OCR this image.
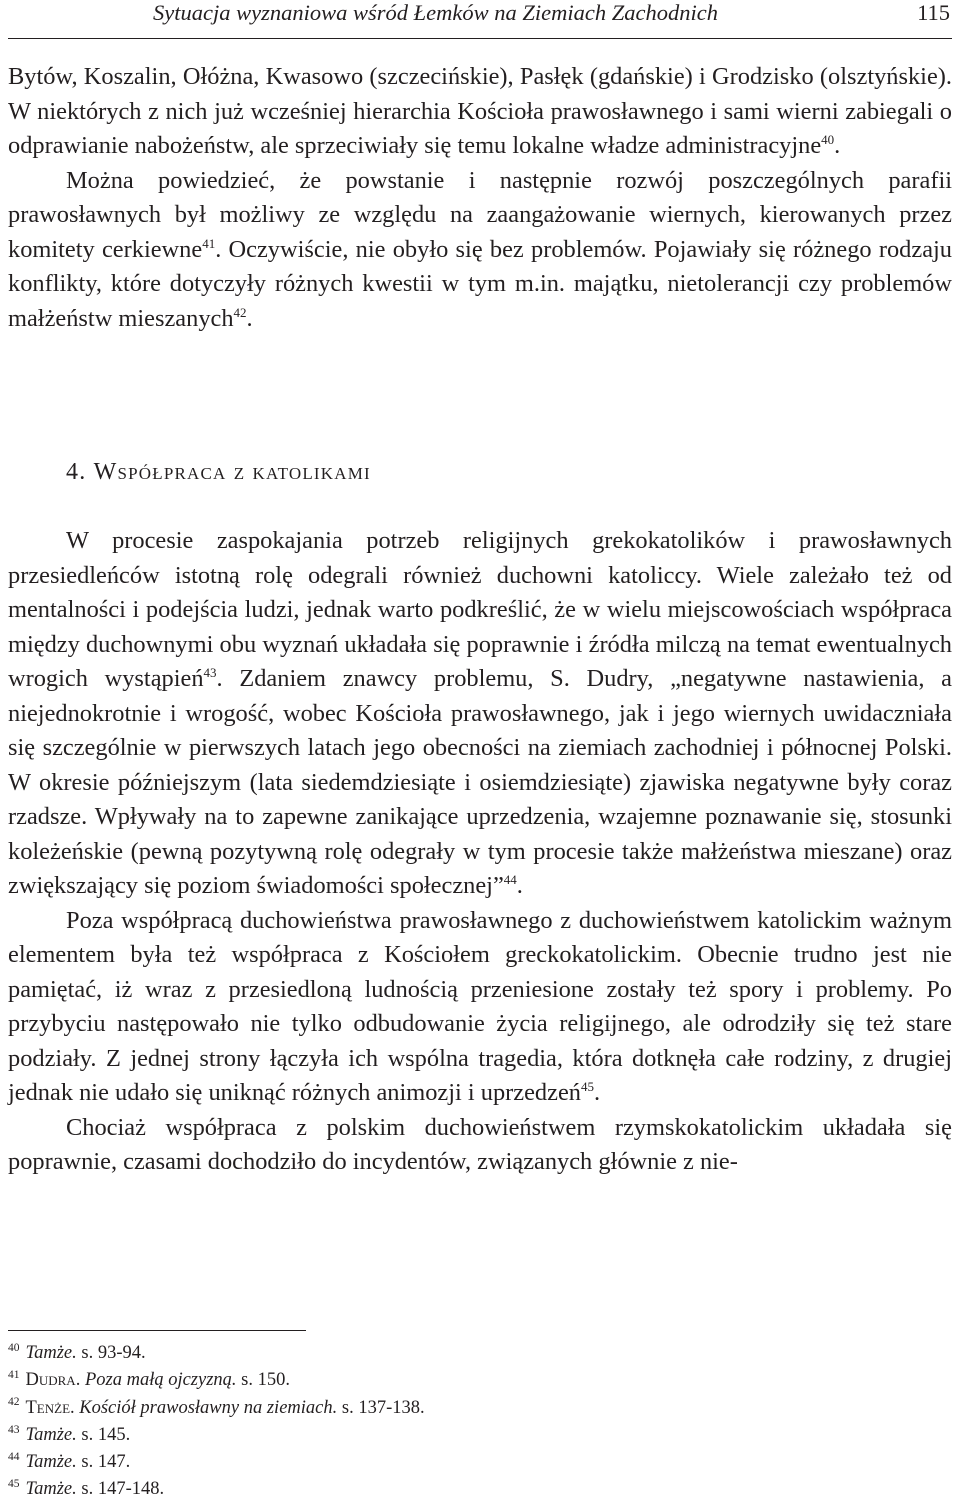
Sytuacja wyznaniowa wśród Łemków na Ziemiach Zachodnich	115

Bytów, Koszalin, Ołóżna, Kwasowo (szczecińskie), Pasłęk (gdańskie) i Grodzisko (olsztyńskie). W niektórych z nich już wcześniej hierarchia Kościoła prawosławnego i sami wierni zabiegali o odprawianie nabożeństw, ale sprzeciwiały się temu lokalne władze administracyjne$^{40}$.

Można powiedzieć, że powstanie i następnie rozwój poszczególnych parafii prawosławnych był możliwy ze względu na zaangażowanie wiernych, kierowanych przez komitety cerkiewne$^{41}$. Oczywiście, nie obyło się bez problemów. Pojawiały się różnego rodzaju konflikty, które dotyczyły różnych kwestii w tym m.in. majątku, nietolerancji czy problemów małżeństw mieszanych$^{42}$.

4. Współpraca z katolikami

W procesie zaspokajania potrzeb religijnych grekokatolików i prawosławnych przesiedleńców istotną rolę odegrali również duchowni katoliccy. Wiele zależało też od mentalności i podejścia ludzi, jednak warto podkreślić, że w wielu miejscowościach współpraca między duchownymi obu wyznań układała się poprawnie i źródła milczą na temat ewentualnych wrogich wystąpień$^{43}$. Zdaniem znawcy problemu, S. Dudry, „negatywne nastawienia, a niejednokrotnie i wrogość, wobec Kościoła prawosławnego, jak i jego wiernych uwidaczniała się szczególnie w pierwszych latach jego obecności na ziemiach zachodniej i północnej Polski. W okresie późniejszym (lata siedemdziesiąte i osiemdziesiąte) zjawiska negatywne były coraz rzadsze. Wpływały na to zapewne zanikające uprzedzenia, wzajemne poznawanie się, stosunki koleżeńskie (pewną pozytywną rolę odegrały w tym procesie także małżeństwa mieszane) oraz zwiększający się poziom świadomości społecznej”$^{44}$.

Poza współpracą duchowieństwa prawosławnego z duchowieństwem katolickim ważnym elementem była też współpraca z Kościołem greckokatolickim. Obecnie trudno jest nie pamiętać, iż wraz z przesiedloną ludnością przeniesione zostały też spory i problemy. Po przybyciu następowało nie tylko odbudowanie życia religijnego, ale odrodziły się też stare podziały. Z jednej strony łączyła ich wspólna tragedia, która dotknęła całe rodziny, z drugiej jednak nie udało się uniknąć różnych animozji i uprzedzeń$^{45}$.

Chociaż współpraca z polskim duchowieństwem rzymskokatolickim układała się poprawnie, czasami dochodziło do incydentów, związanych głównie z nie-

$^{40}$ Tamże. s. 93-94.

$^{41}$ Dudra. Poza małą ojczyzną. s. 150.

$^{42}$ Tenże. Kościół prawosławny na ziemiach. s. 137-138.

$^{43}$ Tamże. s. 145.

$^{44}$ Tamże. s. 147.

$^{45}$ Tamże. s. 147-148.
